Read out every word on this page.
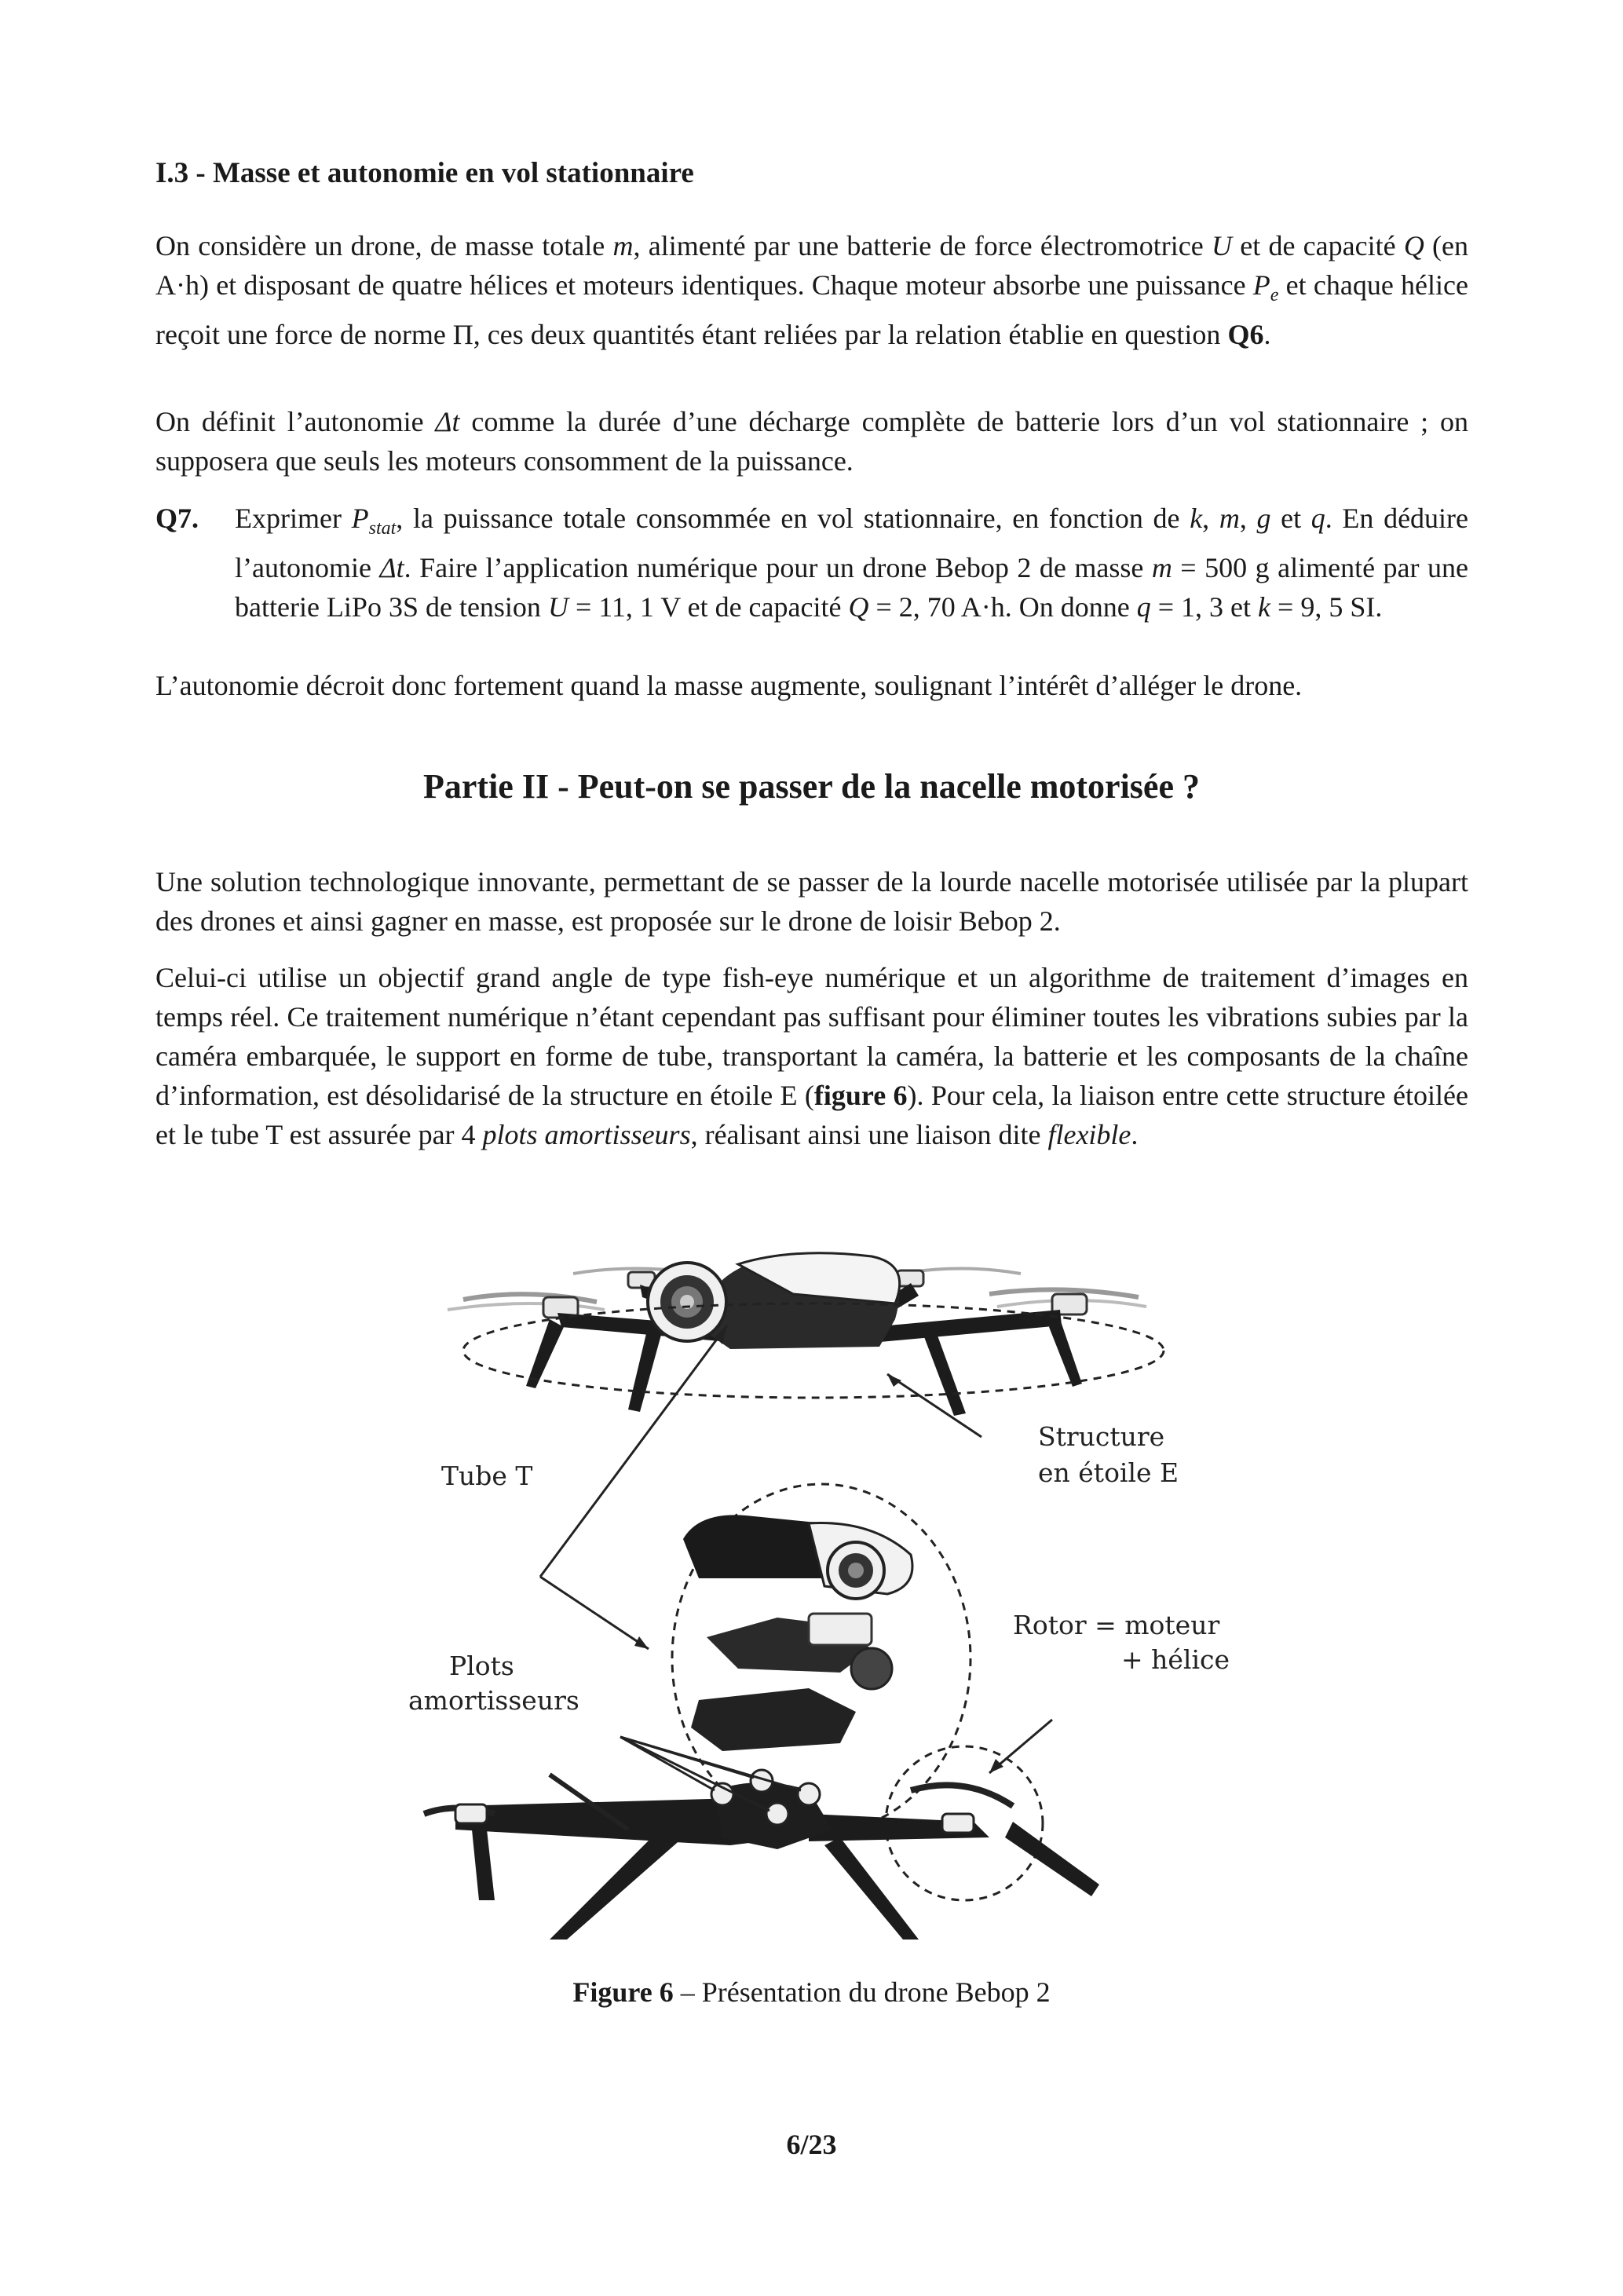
I.3 - Masse et autonomie en vol stationnaire

On considère un drone, de masse totale m, alimenté par une batterie de force électromotrice U et de capacité Q (en A·h) et disposant de quatre hélices et moteurs identiques. Chaque moteur absorbe une puissance $P_e$ et chaque hélice reçoit une force de norme Π, ces deux quantités étant reliées par la relation établie en question Q6.

On définit l’autonomie Δt comme la durée d’une décharge complète de batterie lors d’un vol stationnaire ; on supposera que seuls les moteurs consomment de la puissance.

Q7. Exprimer $P_{stat}$, la puissance totale consommée en vol stationnaire, en fonction de k, m, g et q. En déduire l’autonomie Δt. Faire l’application numérique pour un drone Bebop 2 de masse m = 500 g alimenté par une batterie LiPo 3S de tension U = 11, 1 V et de capacité Q = 2, 70 A·h. On donne q = 1, 3 et k = 9, 5 SI.

L’autonomie décroit donc fortement quand la masse augmente, soulignant l’intérêt d’alléger le drone.

Partie II - Peut-on se passer de la nacelle motorisée ?

Une solution technologique innovante, permettant de se passer de la lourde nacelle motorisée utilisée par la plupart des drones et ainsi gagner en masse, est proposée sur le drone de loisir Bebop 2.

Celui-ci utilise un objectif grand angle de type fish-eye numérique et un algorithme de traitement d’images en temps réel. Ce traitement numérique n’étant cependant pas suffisant pour éliminer toutes les vibrations subies par la caméra embarquée, le support en forme de tube, transportant la caméra, la batterie et les composants de la chaîne d’information, est désolidarisé de la structure en étoile E (figure 6). Pour cela, la liaison entre cette structure étoilée et le tube T est assurée par 4 plots amortisseurs, réalisant ainsi une liaison dite flexible.

Tube T
Structure
en étoile E
Rotor = moteur
+ hélice
Plots
amortisseurs
Figure 6 – Présentation du drone Bebop 2
6/23
